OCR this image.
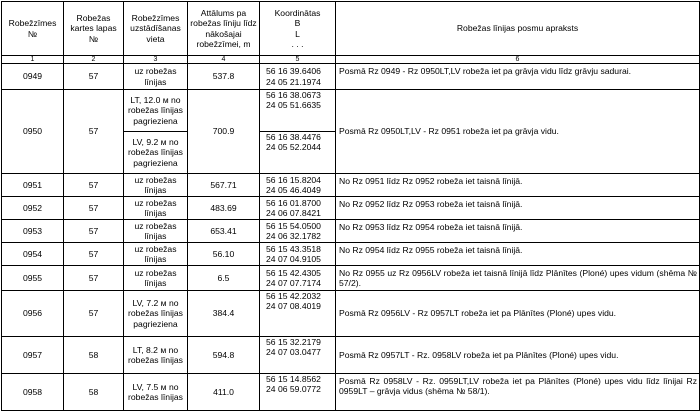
Robežzīmes №	Robežas kartes lapas №	Robežzīmes uzstādīšanas vieta	Attālums pa robežas līniju līdz nākošajai robežzīmei, m	Koordinātas
B
L
. . .	Robežas līnijas posmu apraksts
1	2	3	4	5	6
0949	57	uz robežas līnijas	537.8	56 16 39.6406
24 05 21.1974	Posmā Rz 0949 - Rz 0950LT,LV robeža iet pa grāvja vidu līdz grāvju sadurai.
0950	57	LT, 12.0 м no robežas līnijas pagrieziena	700.9	56 16 38.0673
24 05 51.6635	Posmā Rz 0950LT,LV - Rz 0951 robeža iet pa grāvja vidu.
		LV, 9.2 м no robežas līnijas pagrieziena		56 16 38.4476
24 05 52.2044	

0951	57	uz robežas līnijas	567.71	56 16 15.8204
24 05 46.4049	No Rz 0951 līdz Rz 0952 robeža iet taisnā līnijā.
0952	57	uz robežas līnijas	483.69	56 16 01.8700
24 06 07.8421	No Rz 0952 līdz Rz 0953 robeža iet taisnā līnijā.
0953	57	uz robežas līnijas	653.41	56 15 54.0500
24 06 32.1782	No Rz 0953 līdz Rz 0954 robeža iet taisnā līnijā.
0954	57	uz robežas līnijas	56.10	56 15 43.3518
24 07 04.9105	No Rz 0954 līdz Rz 0955 robeža iet taisnā līnijā.
0955	57	uz robežas līnijas	6.5	56 15 42.4305
24 07 07.7174	No Rz 0955 uz Rz 0956LV robeža iet taisnā līnijā līdz Plānītes (Ploné) upes vidum (shēma № 57/2).
0956	57	LV, 7.2 м no robežas līnijas pagrieziena	384.4	56 15 42.2032
24 07 08.4019	Posmā Rz 0956LV - Rz 0957LT robeža iet pa Plānītes (Ploné) upes vidu.
0957	58	LT, 8.2 м no robežas līnijas	594.8	56 15 32.2179
24 07 03.0477	Posmā Rz 0957LT - Rz. 0958LV robeža iet pa Plānītes (Ploné) upes vidu.
0958	58	LV, 7.5 м no robežas līnijas	411.0	56 15 14.8562
24 06 59.0772	Posmā Rz 0958LV - Rz. 0959LT,LV robeža iet pa Plānītes (Ploné) upes vidu līdz līnijai Rz 0959LT – grāvja vidus (shēma № 58/1).
